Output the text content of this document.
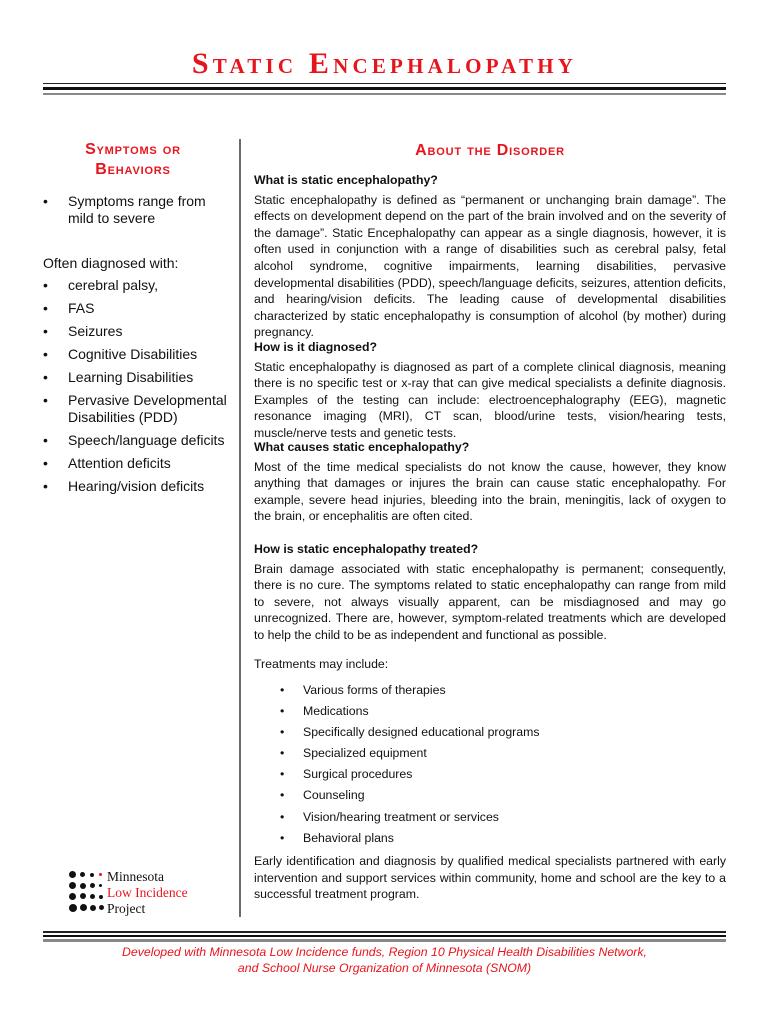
Static Encephalopathy
Symptoms or
Behaviors
• Symptoms range from mild to severe
Often diagnosed with:
• cerebral palsy,
• FAS
• Seizures
• Cognitive Disabilities
• Learning Disabilities
• Pervasive Developmental Disabilities (PDD)
• Speech/language deficits
• Attention deficits
• Hearing/vision deficits
About the Disorder
What is static encephalopathy?

Static encephalopathy is defined as “permanent or unchanging brain damage”. The effects on development depend on the part of the brain involved and on the severity of the damage”. Static Encephalopathy can appear as a single diagnosis, however, it is often used in conjunction with a range of disabilities such as cerebral palsy, fetal alcohol syndrome, cognitive impairments, learning disabilities, pervasive developmental disabilities (PDD), speech/language deficits, seizures, attention deficits, and hearing/vision deficits. The leading cause of developmental disabilities characterized by static encephalopathy is consumption of alcohol (by mother) during pregnancy.

How is it diagnosed?

Static encephalopathy is diagnosed as part of a complete clinical diagnosis, meaning there is no specific test or x-ray that can give medical specialists a definite diagnosis. Examples of the testing can include: electroencephalography (EEG), magnetic resonance imaging (MRI), CT scan, blood/urine tests, vision/hearing tests, muscle/nerve tests and genetic tests.

What causes static encephalopathy?

Most of the time medical specialists do not know the cause, however, they know anything that damages or injures the brain can cause static encephalopathy. For example, severe head injuries, bleeding into the brain, meningitis, lack of oxygen to the brain, or encephalitis are often cited.

How is static encephalopathy treated?

Brain damage associated with static encephalopathy is permanent; consequently, there is no cure. The symptoms related to static encephalopathy can range from mild to severe, not always visually apparent, can be misdiagnosed and may go unrecognized. There are, however, symptom-related treatments which are developed to help the child to be as independent and functional as possible.

Treatments may include:
• Various forms of therapies
• Medications
• Specifically designed educational programs
• Specialized equipment
• Surgical procedures
• Counseling
• Vision/hearing treatment or services
• Behavioral plans

Early identification and diagnosis by qualified medical specialists partnered with early intervention and support services within community, home and school are the key to a successful treatment program.

Minnesota
Low Incidence
Project
Developed with Minnesota Low Incidence funds, Region 10 Physical Health Disabilities Network,
and School Nurse Organization of Minnesota (SNOM)
